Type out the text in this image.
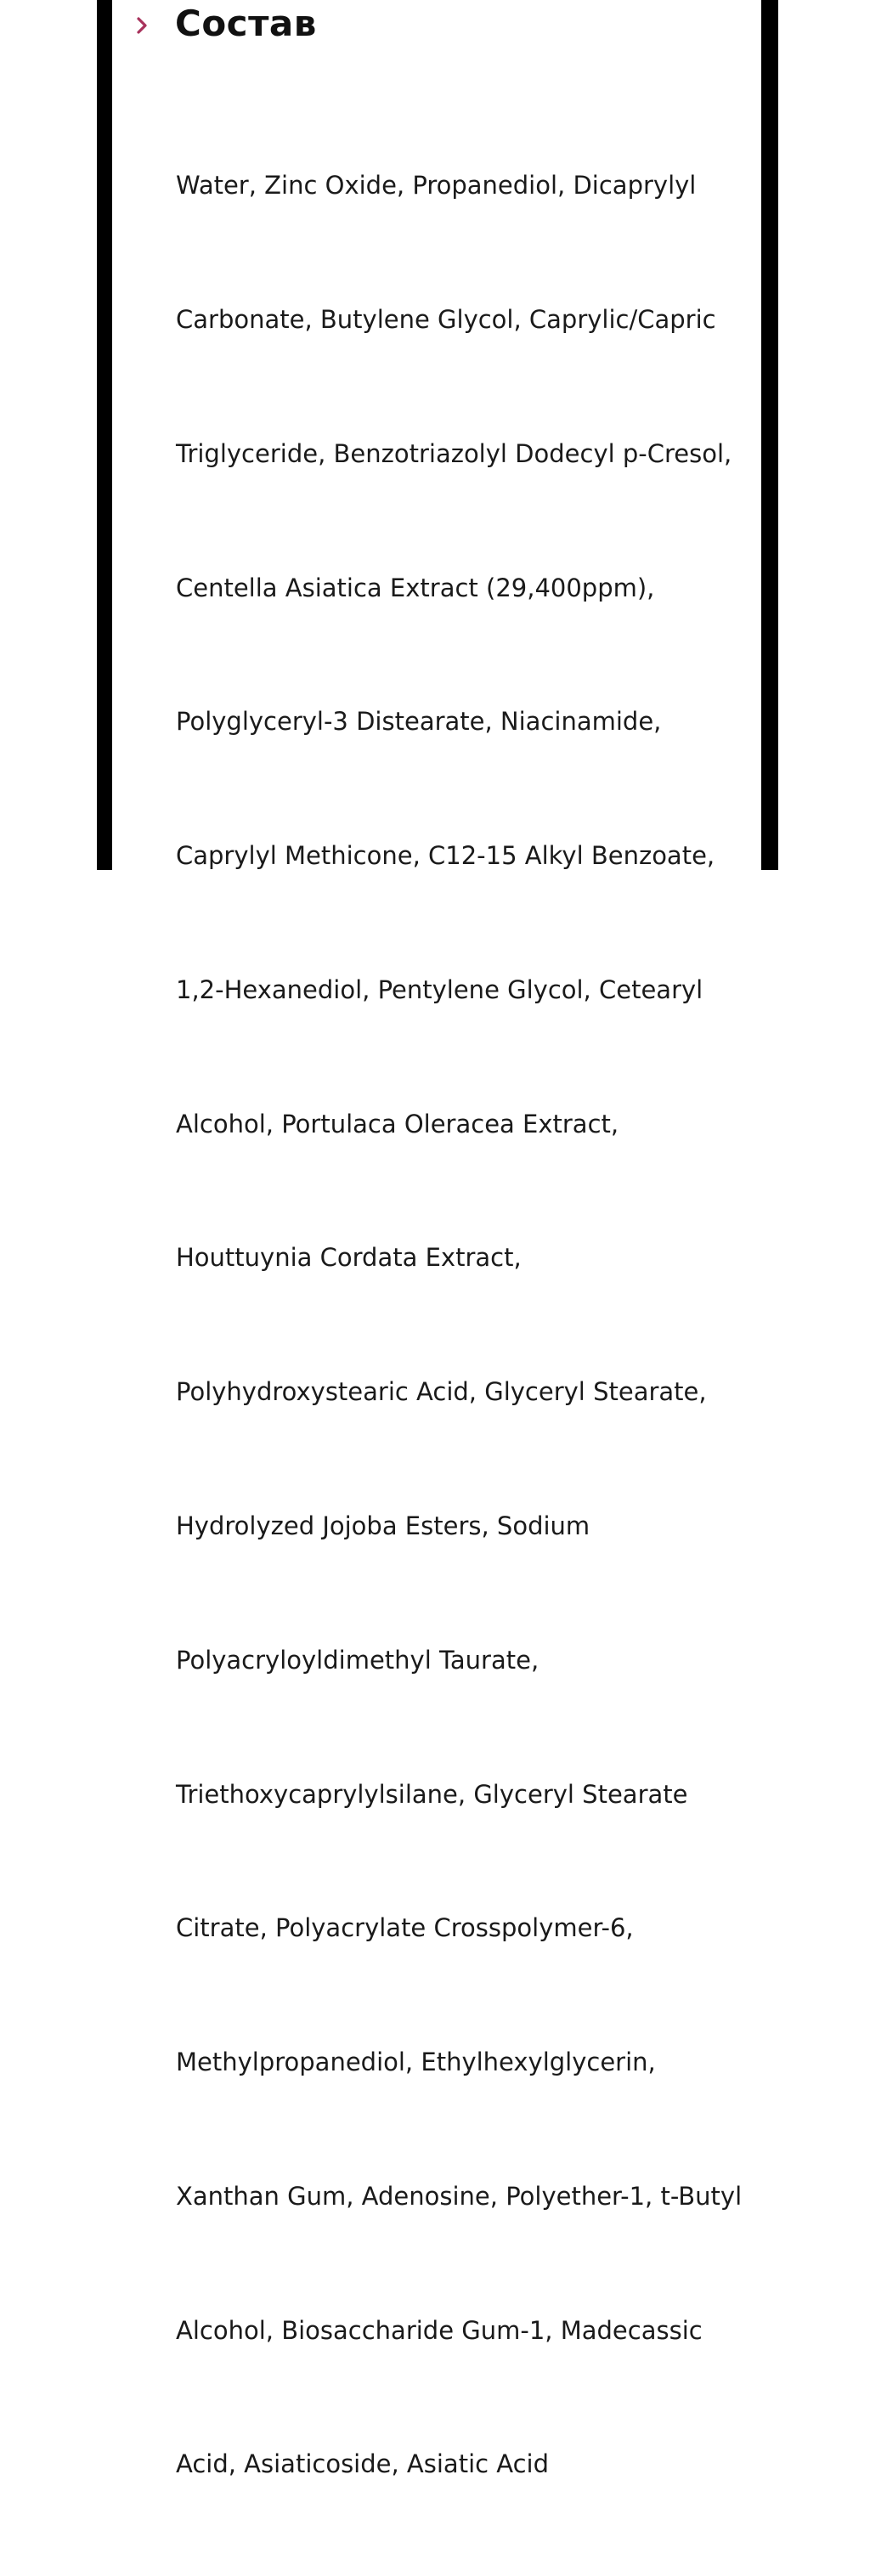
Состав

Water, Zinc Oxide, Propanediol, Dicaprylyl

Carbonate, Butylene Glycol, Caprylic/Capric

Triglyceride, Benzotriazolyl Dodecyl p-Cresol,

Centella Asiatica Extract (29,400ppm),

Polyglyceryl-3 Distearate, Niacinamide,

Caprylyl Methicone, C12-15 Alkyl Benzoate,

1,2-Hexanediol, Pentylene Glycol, Cetearyl

Alcohol, Portulaca Oleracea Extract,

Houttuynia Cordata Extract,

Polyhydroxystearic Acid, Glyceryl Stearate,

Hydrolyzed Jojoba Esters, Sodium

Polyacryloyldimethyl Taurate,

Triethoxycaprylylsilane, Glyceryl Stearate

Citrate, Polyacrylate Crosspolymer-6,

Methylpropanediol, Ethylhexylglycerin,

Xanthan Gum, Adenosine, Polyether-1, t-Butyl

Alcohol, Biosaccharide Gum-1, Madecassic

Acid, Asiaticoside, Asiatic Acid
